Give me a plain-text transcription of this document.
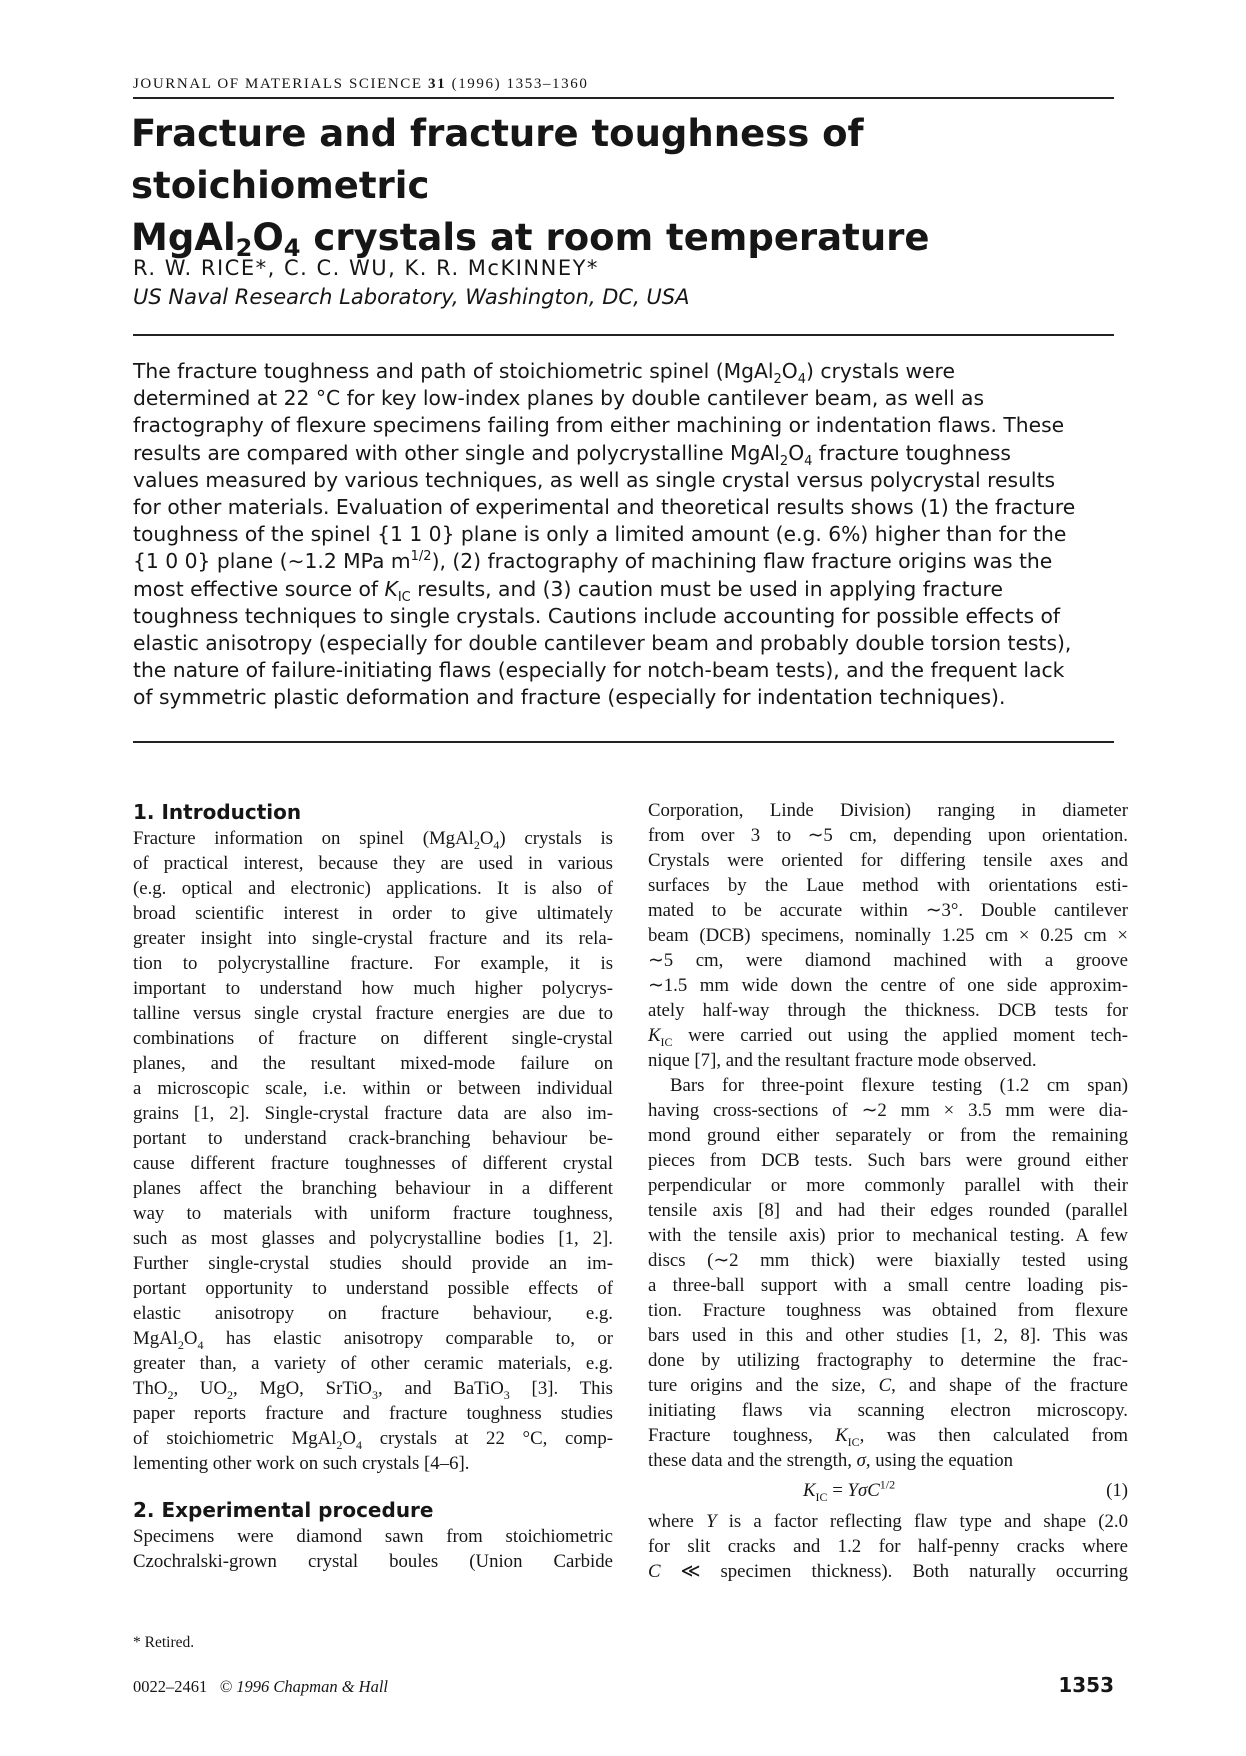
JOURNAL OF MATERIALS SCIENCE 31 (1996) 1353–1360
Fracture and fracture toughness of stoichiometric
$MgAl_2O_4$ crystals at room temperature
R. W. RICE*, C. C. WU, K. R. McKINNEY*
US Naval Research Laboratory, Washington, DC, USA
The fracture toughness and path of stoichiometric spinel $(MgAl_2O_4)$ crystals were
determined at 22 °C for key low-index planes by double cantilever beam, as well as
fractography of flexure specimens failing from either machining or indentation flaws. These
results are compared with other single and polycrystalline $MgAl_2O_4$ fracture toughness
values measured by various techniques, as well as single crystal versus polycrystal results
for other materials. Evaluation of experimental and theoretical results shows (1) the fracture
toughness of the spinel {1 1 0} plane is only a limited amount (e.g. 6%) higher than for the
{1 0 0} plane (∼1.2 MPa $m^{1/2}$), (2) fractography of machining flaw fracture origins was the
most effective source of $K_{IC}$ results, and (3) caution must be used in applying fracture
toughness techniques to single crystals. Cautions include accounting for possible effects of
elastic anisotropy (especially for double cantilever beam and probably double torsion tests),
the nature of failure-initiating flaws (especially for notch-beam tests), and the frequent lack
of symmetric plastic deformation and fracture (especially for indentation techniques).
1. Introduction
Fracture information on spinel $(MgAl_2O_4)$ crystals is
of practical interest, because they are used in various
(e.g. optical and electronic) applications. It is also of
broad scientific interest in order to give ultimately
greater insight into single-crystal fracture and its rela-
tion to polycrystalline fracture. For example, it is
important to understand how much higher polycrys-
talline versus single crystal fracture energies are due to
combinations of fracture on different single-crystal
planes, and the resultant mixed-mode failure on
a microscopic scale, i.e. within or between individual
grains [1, 2]. Single-crystal fracture data are also im-
portant to understand crack-branching behaviour be-
cause different fracture toughnesses of different crystal
planes affect the branching behaviour in a different
way to materials with uniform fracture toughness,
such as most glasses and polycrystalline bodies [1, 2].
Further single-crystal studies should provide an im-
portant opportunity to understand possible effects of
elastic anisotropy on fracture behaviour, e.g.
$MgAl_2O_4$ has elastic anisotropy comparable to, or
greater than, a variety of other ceramic materials, e.g.
ThO$_2$, $UO_2$, MgO, SrTiO$_3$, and BaTiO$_3$ [3]. This
paper reports fracture and fracture toughness studies
of stoichiometric $MgAl_2O_4$ crystals at 22 °C, comp-
lementing other work on such crystals [4–6].
2. Experimental procedure
Specimens were diamond sawn from stoichiometric
Czochralski-grown crystal boules (Union Carbide
Corporation, Linde Division) ranging in diameter
from over 3 to ∼5 cm, depending upon orientation.
Crystals were oriented for differing tensile axes and
surfaces by the Laue method with orientations esti-
mated to be accurate within ∼3°. Double cantilever
beam (DCB) specimens, nominally 1.25 cm × 0.25 cm ×
∼5 cm, were diamond machined with a groove
∼1.5 mm wide down the centre of one side approxim-
ately half-way through the thickness. DCB tests for
$K_{IC}$ were carried out using the applied moment tech-
nique [7], and the resultant fracture mode observed.
Bars for three-point flexure testing (1.2 cm span)
having cross-sections of ∼2 mm × 3.5 mm were dia-
mond ground either separately or from the remaining
pieces from DCB tests. Such bars were ground either
perpendicular or more commonly parallel with their
tensile axis [8] and had their edges rounded (parallel
with the tensile axis) prior to mechanical testing. A few
discs (∼2 mm thick) were biaxially tested using
a three-ball support with a small centre loading pis-
tion. Fracture toughness was obtained from flexure
bars used in this and other studies [1, 2, 8]. This was
done by utilizing fractography to determine the frac-
ture origins and the size, C, and shape of the fracture
initiating flaws via scanning electron microscopy.
Fracture toughness, $K_{IC}$, was then calculated from
these data and the strength, σ, using the equation
$K_{IC} = Y\sigma C^{1/2}$	(1)
where Y is a factor reflecting flaw type and shape (2.0
for slit cracks and 1.2 for half-penny cracks where
C ≪ specimen thickness). Both naturally occurring
* Retired.
0022–2461 © 1996 Chapman & Hall	1353
